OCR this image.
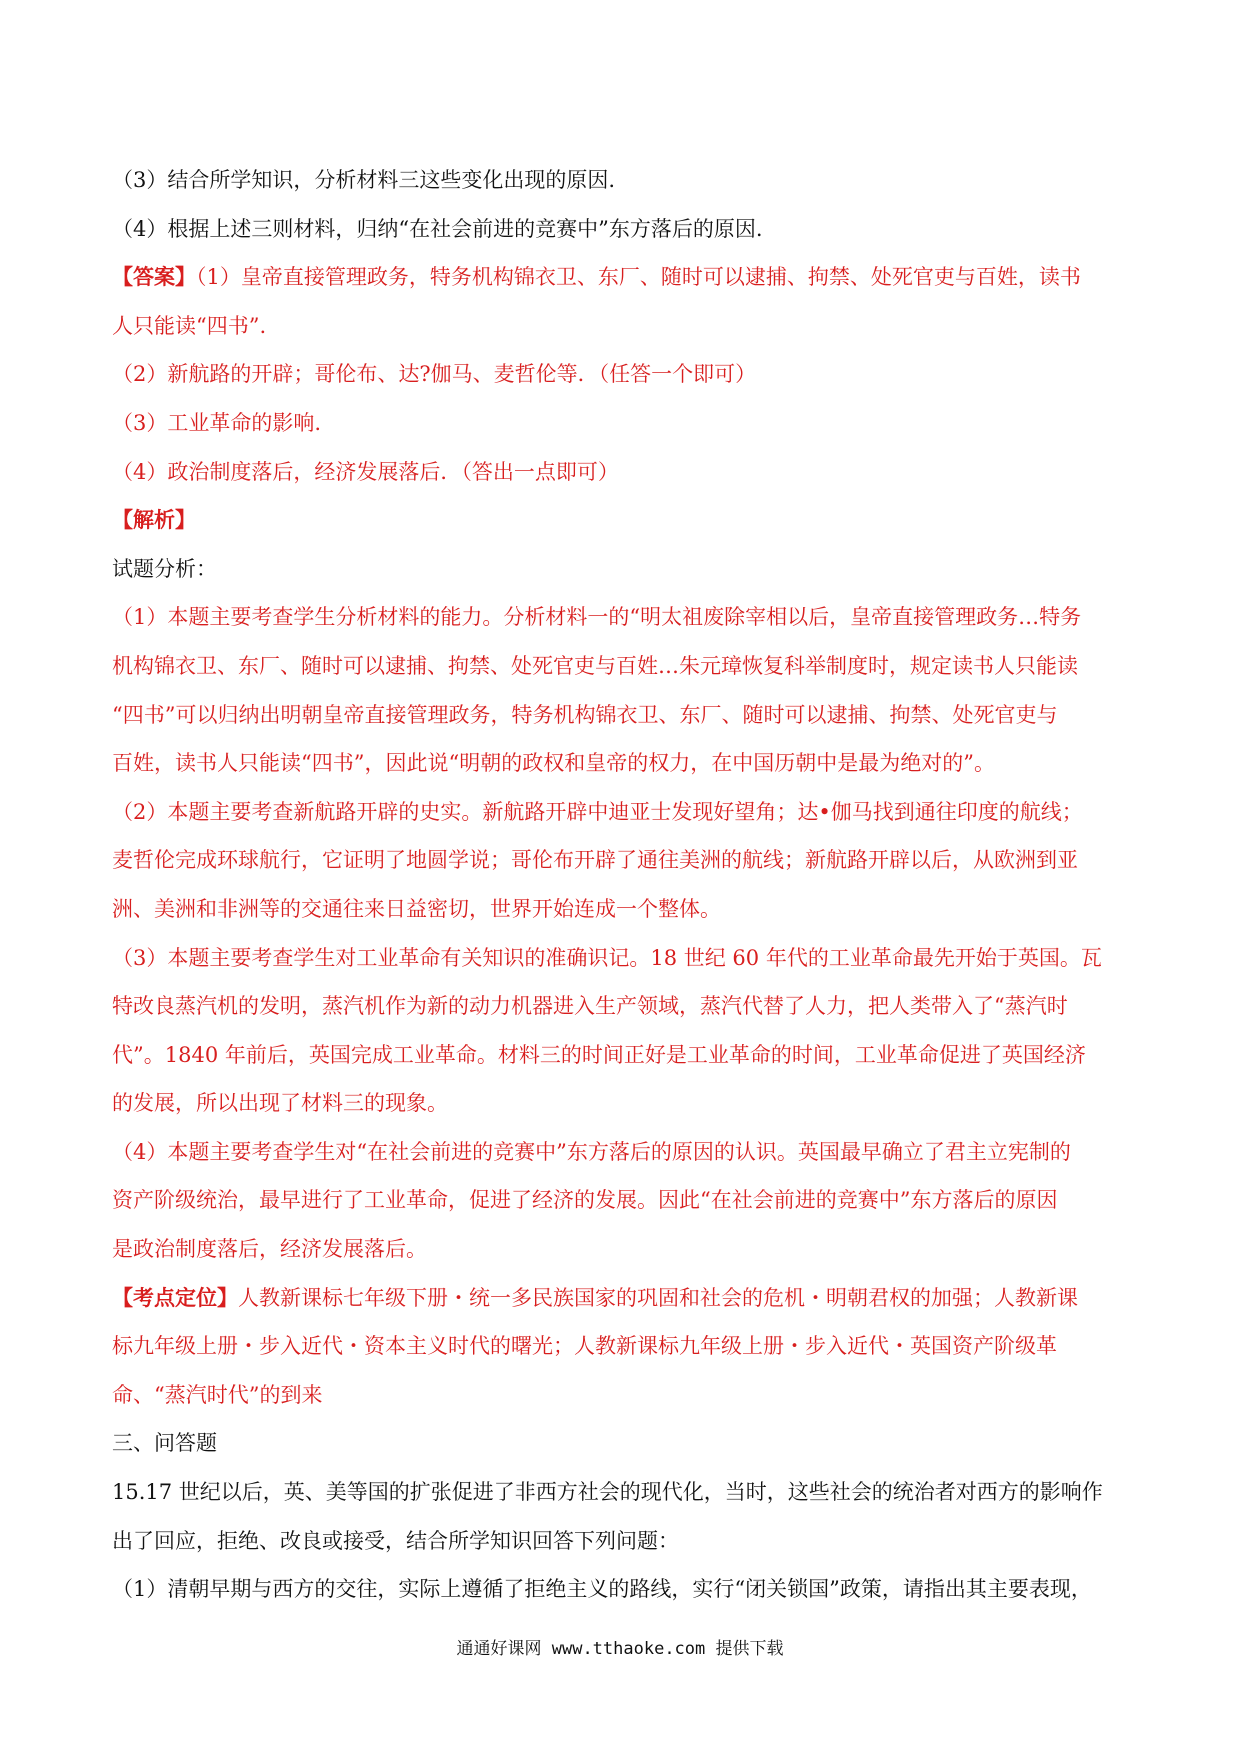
（3）结合所学知识，分析材料三这些变化出现的原因.
（4）根据上述三则材料，归纳“在社会前进的竞赛中”东方落后的原因.
【答案】（1）皇帝直接管理政务，特务机构锦衣卫、东厂、随时可以逮捕、拘禁、处死官吏与百姓，读书
人只能读“四书”.
（2）新航路的开辟；哥伦布、达?伽马、麦哲伦等．（任答一个即可）
（3）工业革命的影响.
（4）政治制度落后，经济发展落后．（答出一点即可）
【解析】
试题分析：
（1）本题主要考查学生分析材料的能力。分析材料一的“明太祖废除宰相以后，皇帝直接管理政务…特务
机构锦衣卫、东厂、随时可以逮捕、拘禁、处死官吏与百姓…朱元璋恢复科举制度时，规定读书人只能读
“四书”可以归纳出明朝皇帝直接管理政务，特务机构锦衣卫、东厂、随时可以逮捕、拘禁、处死官吏与
百姓，读书人只能读“四书”，因此说“明朝的政权和皇帝的权力，在中国历朝中是最为绝对的”。
（2）本题主要考查新航路开辟的史实。新航路开辟中迪亚士发现好望角；达•伽马找到通往印度的航线；
麦哲伦完成环球航行，它证明了地圆学说；哥伦布开辟了通往美洲的航线；新航路开辟以后，从欧洲到亚
洲、美洲和非洲等的交通往来日益密切，世界开始连成一个整体。
（3）本题主要考查学生对工业革命有关知识的准确识记。18 世纪 60 年代的工业革命最先开始于英国。瓦
特改良蒸汽机的发明，蒸汽机作为新的动力机器进入生产领域，蒸汽代替了人力，把人类带入了“蒸汽时
代”。1840 年前后，英国完成工业革命。材料三的时间正好是工业革命的时间，工业革命促进了英国经济
的发展，所以出现了材料三的现象。
（4）本题主要考查学生对“在社会前进的竞赛中”东方落后的原因的认识。英国最早确立了君主立宪制的
资产阶级统治，最早进行了工业革命，促进了经济的发展。因此“在社会前进的竞赛中”东方落后的原因
是政治制度落后，经济发展落后。
【考点定位】人教新课标七年级下册・统一多民族国家的巩固和社会的危机・明朝君权的加强；人教新课
标九年级上册・步入近代・资本主义时代的曙光；人教新课标九年级上册・步入近代・英国资产阶级革
命、“蒸汽时代”的到来
三、问答题
15.17 世纪以后，英、美等国的扩张促进了非西方社会的现代化，当时，这些社会的统治者对西方的影响作
出了回应，拒绝、改良或接受，结合所学知识回答下列问题：
（1）清朝早期与西方的交往，实际上遵循了拒绝主义的路线，实行“闭关锁国”政策，请指出其主要表现，
通通好课网 www.tthaoke.com 提供下载
